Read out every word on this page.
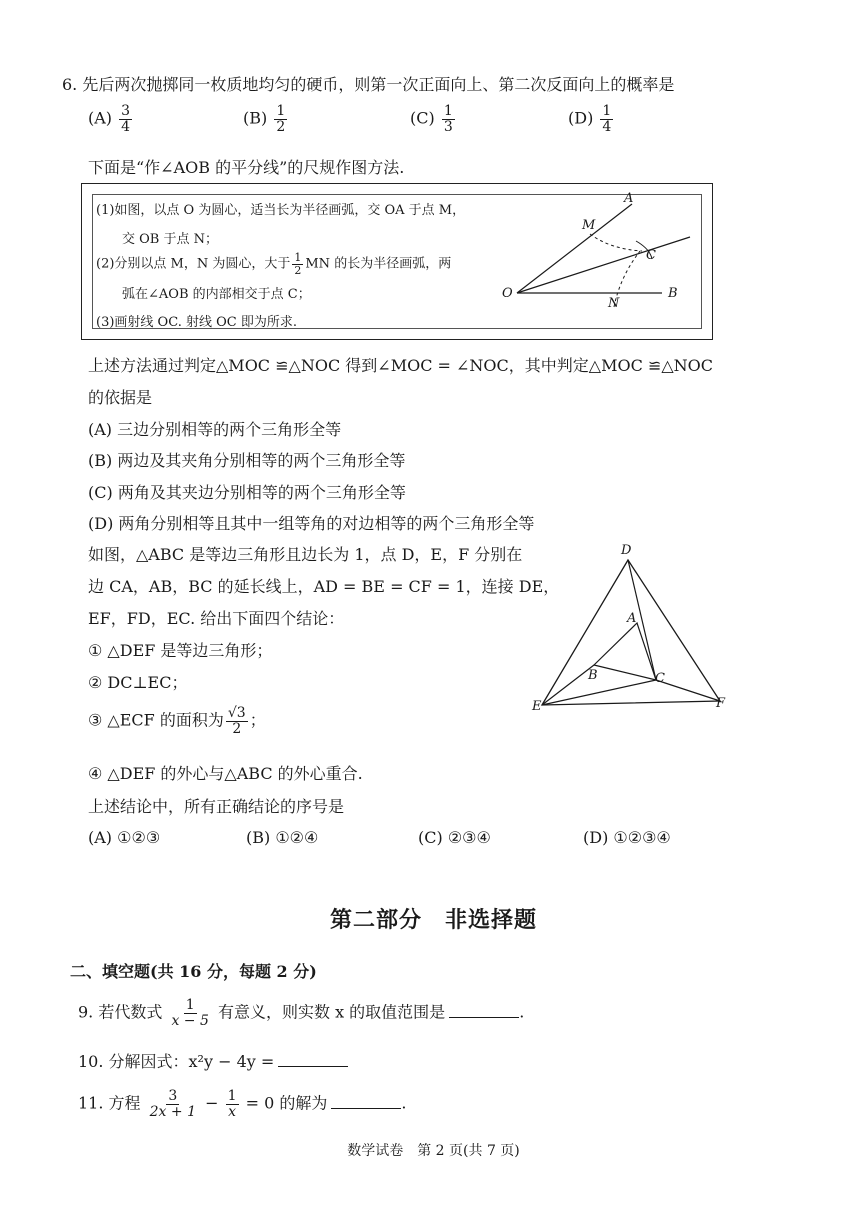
6. 先后两次抛掷同一枚质地均匀的硬币，则第一次正面向上、第二次反面向上的概率是
$(A) \frac{3}{4}$	$(B) \frac{1}{2}$	$(C) \frac{1}{3}$	$(D) \frac{1}{4}$
下面是“作∠AOB 的平分线”的尺规作图方法.
(1)如图，以点 O 为圆心，适当长为半径画弧，交 OA 于点 M，
交 OB 于点 N；
(2)分别以点 M，N 为圆心，大于 $\frac{1}{2}$ MN 的长为半径画弧，两
弧在∠AOB 的内部相交于点 C；
(3)画射线 OC. 射线 OC 即为所求.
A
M
C
O
N
B
上述方法通过判定△MOC ≌△NOC 得到∠MOC = ∠NOC，其中判定△MOC ≌△NOC
的依据是
(A) 三边分别相等的两个三角形全等
(B) 两边及其夹角分别相等的两个三角形全等
(C) 两角及其夹边分别相等的两个三角形全等
(D) 两角分别相等且其中一组等角的对边相等的两个三角形全等
如图，△ABC 是等边三角形且边长为 1，点 D，E，F 分别在
边 CA，AB，BC 的延长线上，AD = BE = CF = 1，连接 DE，
EF，FD，EC. 给出下面四个结论：
① △DEF 是等边三角形；
② DC⊥EC；
③ △ECF 的面积为 $\frac{√3}{2}$ ；
④ △DEF 的外心与△ABC 的外心重合.
上述结论中，所有正确结论的序号是
(A) ①②③	(B) ①②④	(C) ②③④	(D) ①②③④
D
A
B	C
E	F
第二部分　非选择题
二、填空题(共 16 分，每题 2 分)
9. 若代数式 $\frac{1}{x - 5}$ 有意义，则实数 x 的取值范围是	.
10. 分解因式：x²y − 4y =
11. 方程 $\frac{3}{2x + 1} - \frac{1}{x} = 0$ 的解为	.
数学试卷　第 2 页(共 7 页)
